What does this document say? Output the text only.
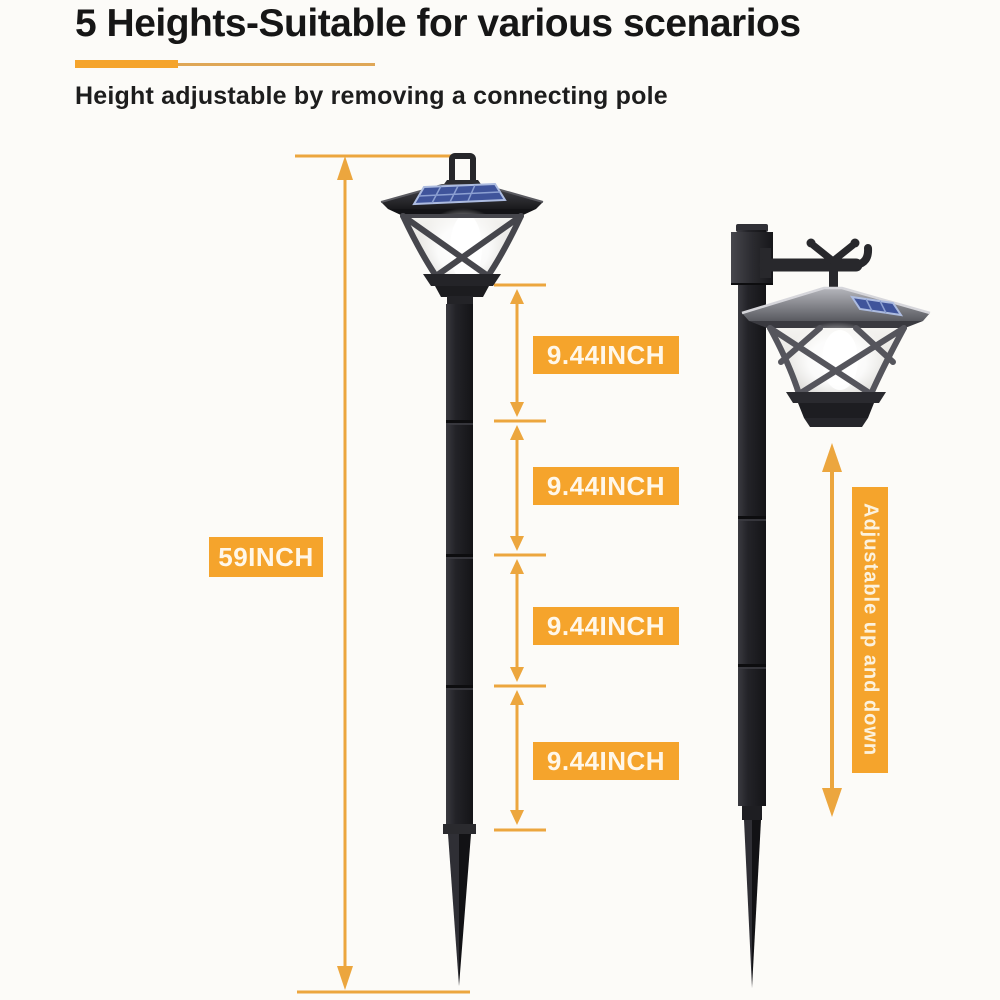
5 Heights-Suitable for various scenarios
Height adjustable by removing a connecting pole
59INCH
9.44INCH
9.44INCH
9.44INCH
9.44INCH
Adjustable up and down
